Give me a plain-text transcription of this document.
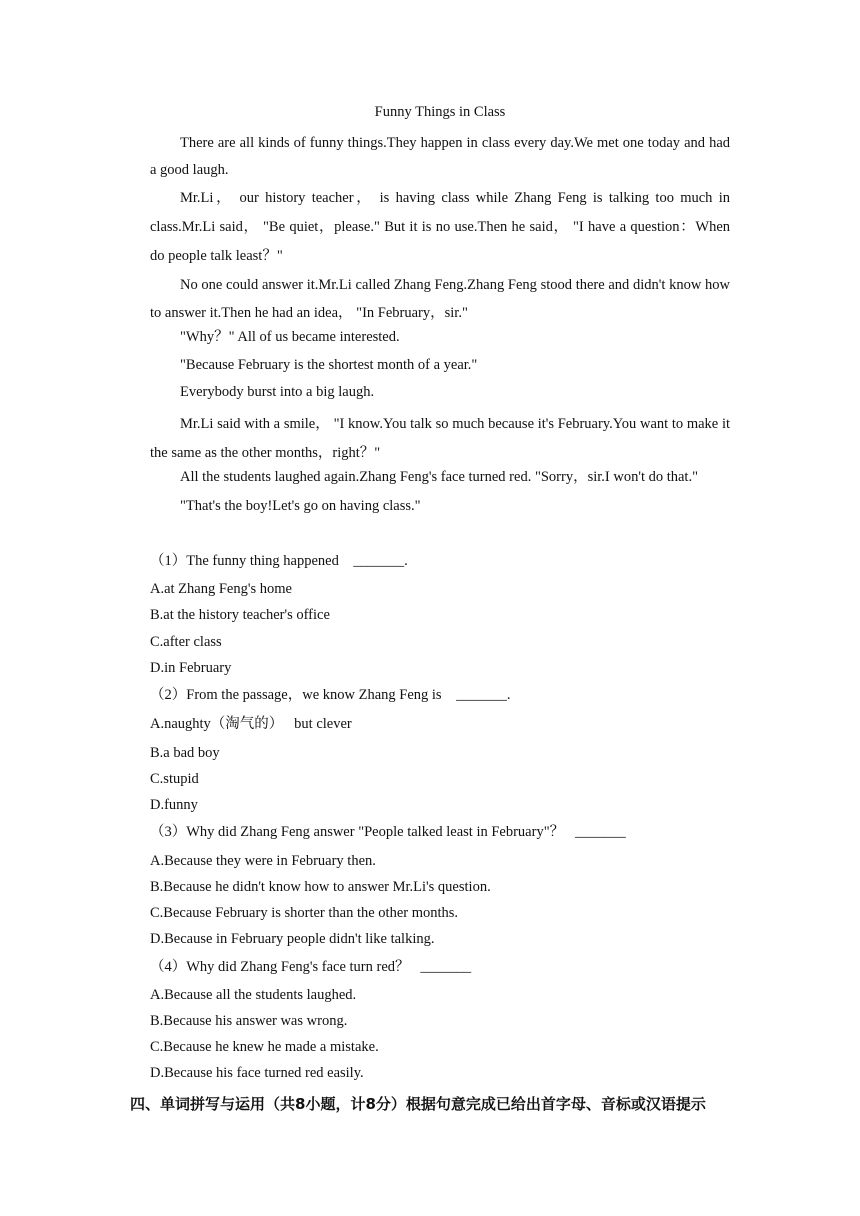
Funny Things in Class
There are all kinds of funny things.They happen in class every day.We met one today and had a good laugh.
Mr.Li， our history teacher， is having class while Zhang Feng is talking too much in class.Mr.Li said， "Be quiet，please." But it is no use.Then he said， "I have a question：When do people talk least？"
No one could answer it.Mr.Li called Zhang Feng.Zhang Feng stood there and didn't know how to answer it.Then he had an idea， "In February，sir."
"Why？" All of us became interested.
"Because February is the shortest month of a year."
Everybody burst into a big laugh.
Mr.Li said with a smile， "I know.You talk so much because it's February.You want to make it the same as the other months，right？"
All the students laughed again.Zhang Feng's face turned red. "Sorry，sir.I won't do that."
"That's the boy!Let's go on having class."
（1）The funny thing happened    _______.
A.at Zhang Feng's home
B.at the history teacher's office
C.after class
D.in February
（2）From the passage，we know Zhang Feng is    _______.
A.naughty（淘气的）   but clever
B.a bad boy
C.stupid
D.funny
（3）Why did Zhang Feng answer "People talked least in February"？   _______
A.Because they were in February then.
B.Because he didn't know how to answer Mr.Li's question.
C.Because February is shorter than the other months.
D.Because in February people didn't like talking.
（4）Why did Zhang Feng's face turn red？   _______
A.Because all the students laughed.
B.Because his answer was wrong.
C.Because he knew he made a mistake.
D.Because his face turned red easily.
四、单词拼写与运用（共8小题，计8分）根据句意完成已给出首字母、音标或汉语提示
